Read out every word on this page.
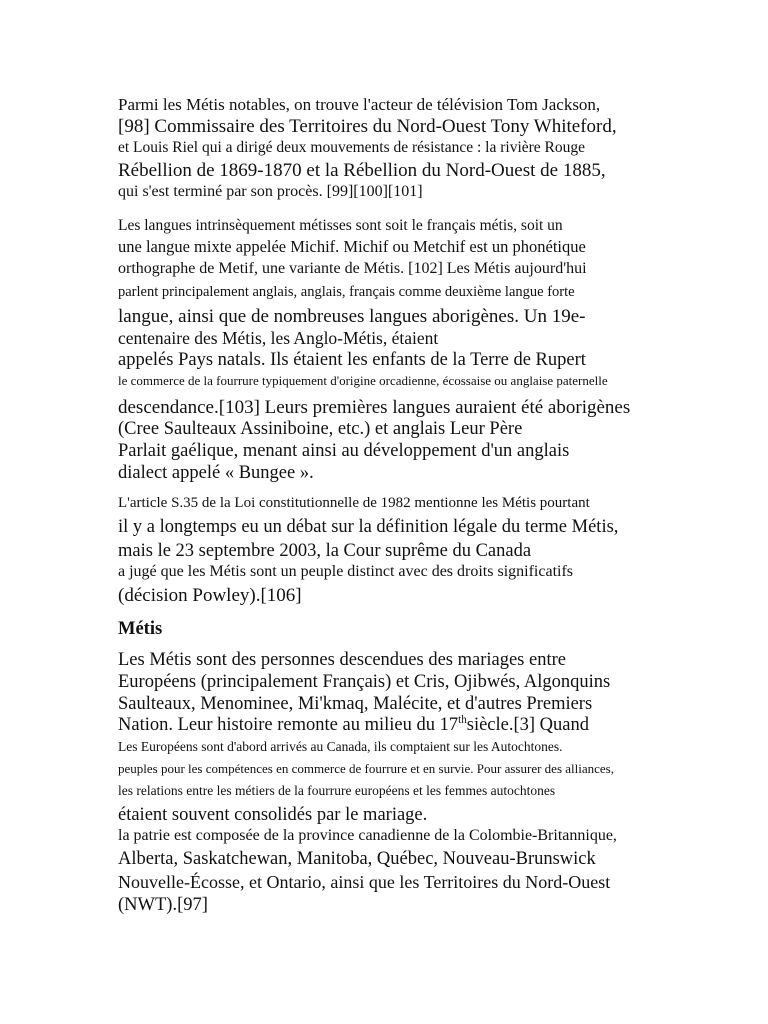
Parmi les Métis notables, on trouve l'acteur de télévision Tom Jackson,
[98] Commissaire des Territoires du Nord-Ouest Tony Whiteford,
et Louis Riel qui a dirigé deux mouvements de résistance : la rivière Rouge
Rébellion de 1869-1870 et la Rébellion du Nord-Ouest de 1885,
qui s'est terminé par son procès. [99][100][101]
Les langues intrinsèquement métisses sont soit le français métis, soit un
une langue mixte appelée Michif. Michif ou Metchif est un phonétique
orthographe de Metif, une variante de Métis. [102] Les Métis aujourd'hui
parlent principalement anglais, anglais, français comme deuxième langue forte
langue, ainsi que de nombreuses langues aborigènes. Un 19e-
centenaire des Métis, les Anglo-Métis, étaient
appelés Pays natals. Ils étaient les enfants de la Terre de Rupert
le commerce de la fourrure typiquement d'origine orcadienne, écossaise ou anglaise paternelle
descendance.[103] Leurs premières langues auraient été aborigènes
(Cree Saulteaux Assiniboine, etc.) et anglais Leur Père
Parlait gaélique, menant ainsi au développement d'un anglais
dialect appelé « Bungee ».
L'article S.35 de la Loi constitutionnelle de 1982 mentionne les Métis pourtant
il y a longtemps eu un débat sur la définition légale du terme Métis,
mais le 23 septembre 2003, la Cour suprême du Canada
a jugé que les Métis sont un peuple distinct avec des droits significatifs
(décision Powley).[106]
Métis
Les Métis sont des personnes descendues des mariages entre
Européens (principalement Français) et Cris, Ojibwés, Algonquins
Saulteaux, Menominee, Mi'kmaq, Malécite, et d'autres Premiers
Nation. Leur histoire remonte au milieu du 17thsiècle.[3] Quand
Les Européens sont d'abord arrivés au Canada, ils comptaient sur les Autochtones.
peuples pour les compétences en commerce de fourrure et en survie. Pour assurer des alliances,
les relations entre les métiers de la fourrure européens et les femmes autochtones
étaient souvent consolidés par le mariage.
la patrie est composée de la province canadienne de la Colombie-Britannique,
Alberta, Saskatchewan, Manitoba, Québec, Nouveau-Brunswick
Nouvelle-Écosse, et Ontario, ainsi que les Territoires du Nord-Ouest
(NWT).[97]
